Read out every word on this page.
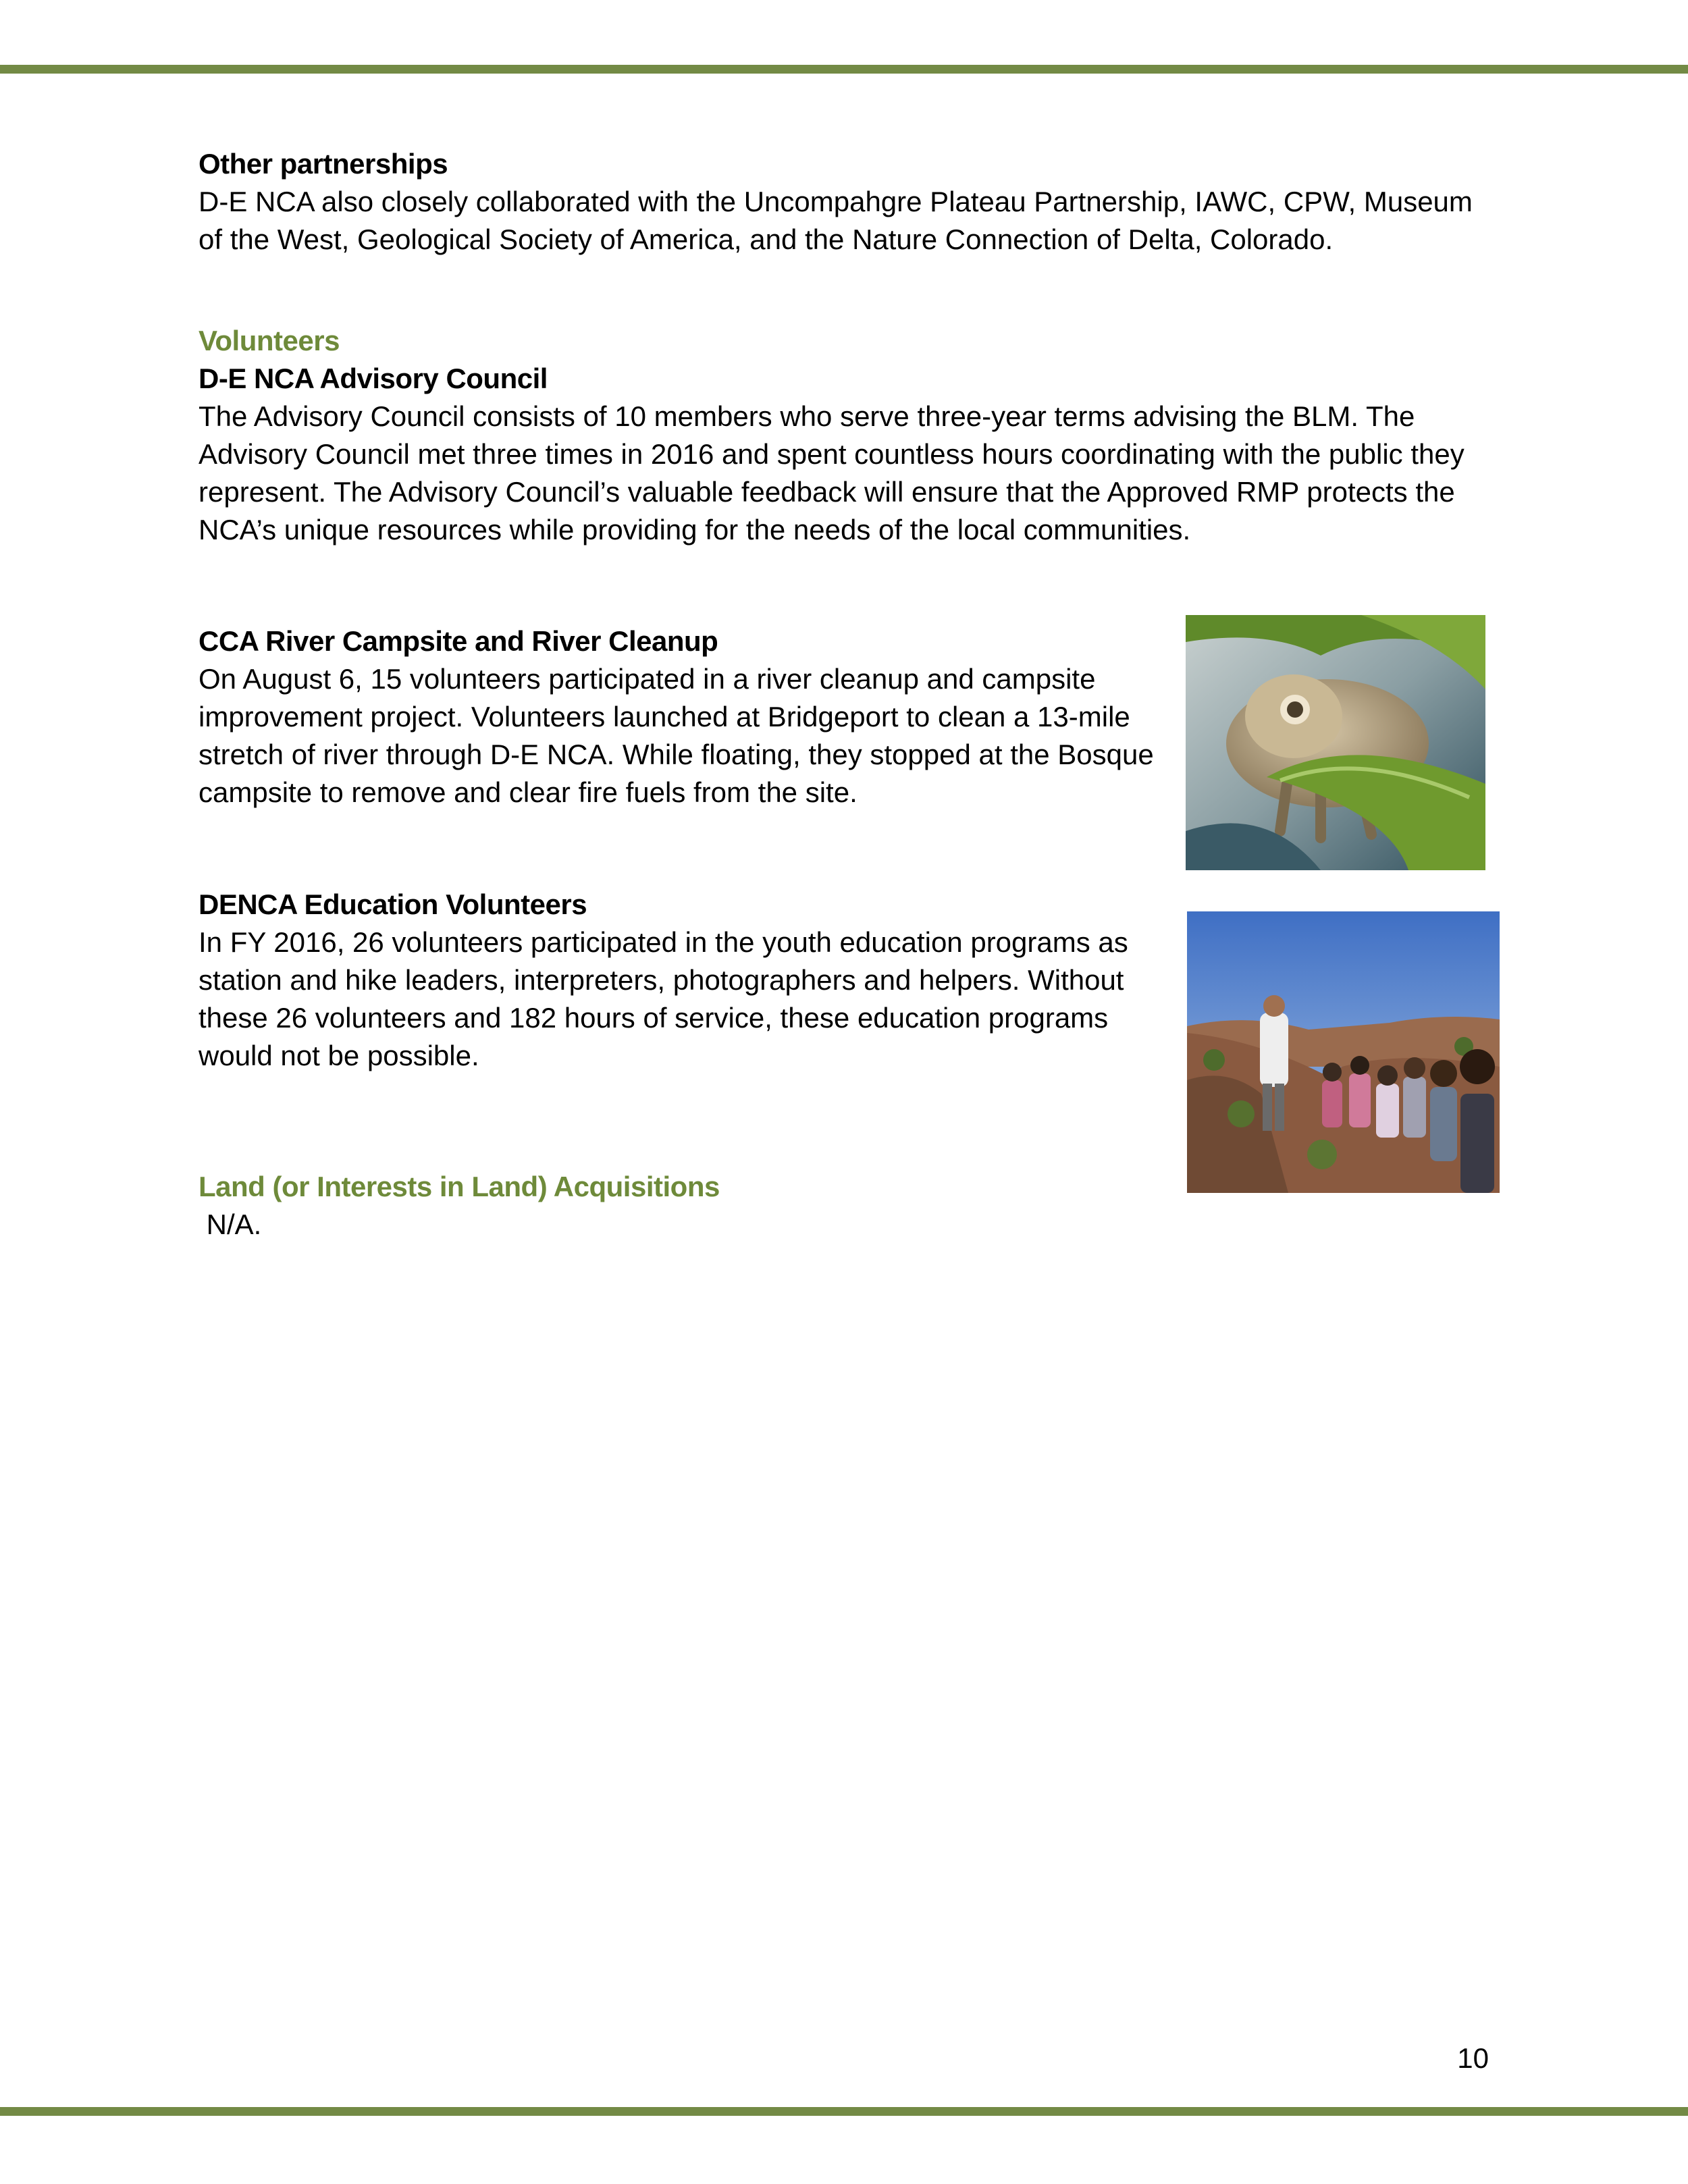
Other partnerships

D-E NCA also closely collaborated with the Uncompahgre Plateau Partnership, IAWC, CPW, Museum of the West, Geological Society of America, and the Nature Connection of Delta, Colorado.

Volunteers

D-E NCA Advisory Council

The Advisory Council consists of 10 members who serve three-year terms advising the BLM. The Advisory Council met three times in 2016 and spent countless hours coordinating with the public they represent. The Advisory Council’s valuable feedback will ensure that the Approved RMP protects the NCA’s unique resources while providing for the needs of the local communities.

CCA River Campsite and River Cleanup

On August 6, 15 volunteers participated in a river cleanup and campsite improvement project. Volunteers launched at Bridgeport to clean a 13-mile stretch of river through D-E NCA. While floating, they stopped at the Bosque campsite to remove and clear fire fuels from the site.

DENCA Education Volunteers

In FY 2016, 26 volunteers participated in the youth education programs as station and hike leaders, interpreters, photographers and helpers. Without these 26 volunteers and 182 hours of service, these education programs would not be possible.

Land (or Interests in Land) Acquisitions

N/A.

10
